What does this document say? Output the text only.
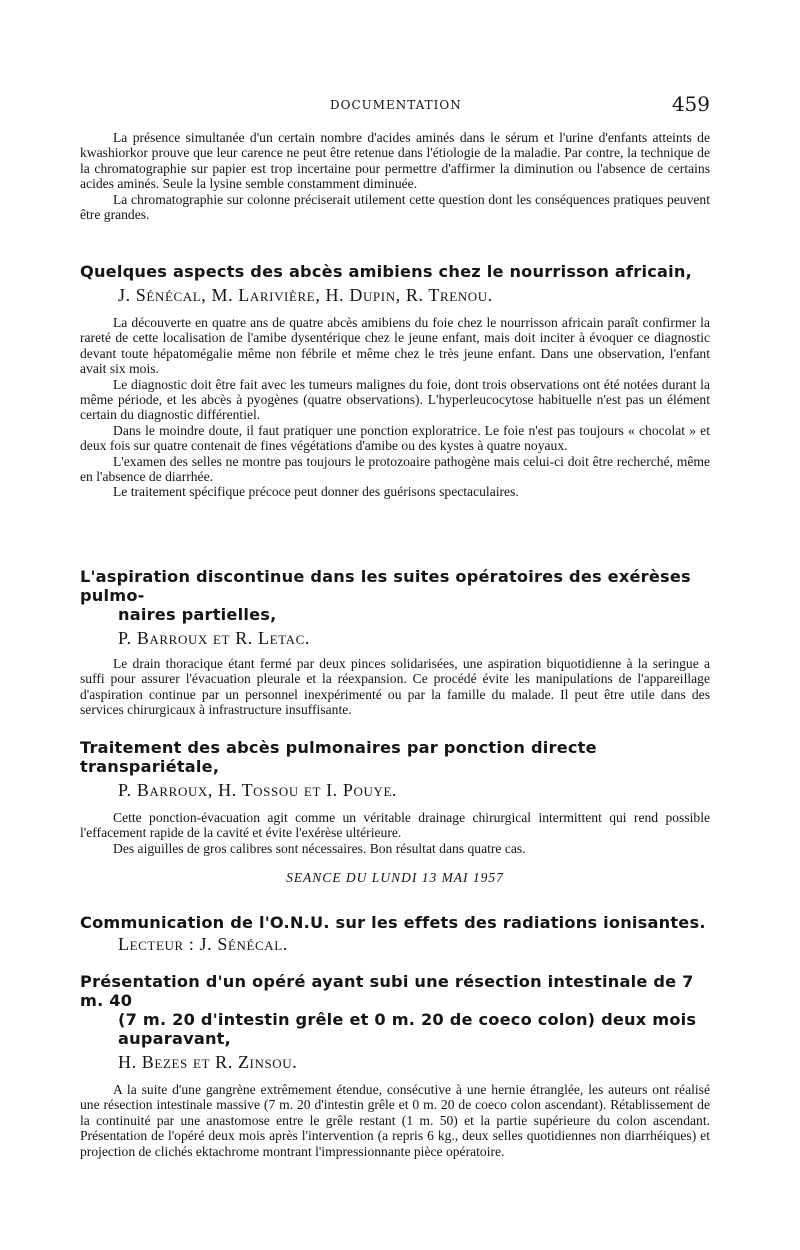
DOCUMENTATION	459

La présence simultanée d'un certain nombre d'acides aminés dans le sérum et l'urine d'enfants atteints de kwashiorkor prouve que leur carence ne peut être retenue dans l'étiologie de la maladie. Par contre, la technique de la chromatographie sur papier est trop incertaine pour permettre d'affirmer la diminution ou l'absence de certains acides aminés. Seule la lysine semble constamment diminuée.

La chromatographie sur colonne préciserait utilement cette question dont les conséquences pratiques peuvent être grandes.

Quelques aspects des abcès amibiens chez le nourrisson africain,

J. Sénécal, M. Larivière, H. Dupin, R. Trenou.

La découverte en quatre ans de quatre abcès amibiens du foie chez le nourrisson africain paraît confirmer la rareté de cette localisation de l'amibe dysentérique chez le jeune enfant, mais doit inciter à évoquer ce diagnostic devant toute hépatomégalie même non fébrile et même chez le très jeune enfant. Dans une observation, l'enfant avait six mois.

Le diagnostic doit être fait avec les tumeurs malignes du foie, dont trois observations ont été notées durant la même période, et les abcès à pyogènes (quatre observations). L'hyperleucocytose habituelle n'est pas un élément certain du diagnostic différentiel.

Dans le moindre doute, il faut pratiquer une ponction exploratrice. Le foie n'est pas toujours « chocolat » et deux fois sur quatre contenait de fines végétations d'amibe ou des kystes à quatre noyaux.

L'examen des selles ne montre pas toujours le protozoaire pathogène mais celui-ci doit être recherché, même en l'absence de diarrhée.

Le traitement spécifique précoce peut donner des guérisons spectaculaires.

L'aspiration discontinue dans les suites opératoires des exérèses pulmo-

naires partielles,

P. Barroux et R. Letac.

Le drain thoracique étant fermé par deux pinces solidarisées, une aspiration biquotidienne à la seringue a suffi pour assurer l'évacuation pleurale et la réexpansion. Ce procédé évite les manipulations de l'appareillage d'aspiration continue par un personnel inexpérimenté ou par la famille du malade. Il peut être utile dans des services chirurgicaux à infrastructure insuffisante.

Traitement des abcès pulmonaires par ponction directe transpariétale,

P. Barroux, H. Tossou et I. Pouye.

Cette ponction-évacuation agit comme un véritable drainage chirurgical intermittent qui rend possible l'effacement rapide de la cavité et évite l'exérèse ultérieure.

Des aiguilles de gros calibres sont nécessaires. Bon résultat dans quatre cas.

SEANCE DU LUNDI 13 MAI 1957

Communication de l'O.N.U. sur les effets des radiations ionisantes.

Lecteur : J. Sénécal.

Présentation d'un opéré ayant subi une résection intestinale de 7 m. 40

(7 m. 20 d'intestin grêle et 0 m. 20 de coeco colon) deux mois auparavant,

H. Bezes et R. Zinsou.

A la suite d'une gangrène extrêmement étendue, consécutive à une hernie étranglée, les auteurs ont réalisé une résection intestinale massive (7 m. 20 d'intestin grêle et 0 m. 20 de coeco colon ascendant). Rétablissement de la continuité par une anastomose entre le grêle restant (1 m. 50) et la partie supérieure du colon ascendant. Présentation de l'opéré deux mois après l'intervention (a repris 6 kg., deux selles quotidiennes non diarrhéiques) et projection de clichés ektachrome montrant l'impressionnante pièce opératoire.
